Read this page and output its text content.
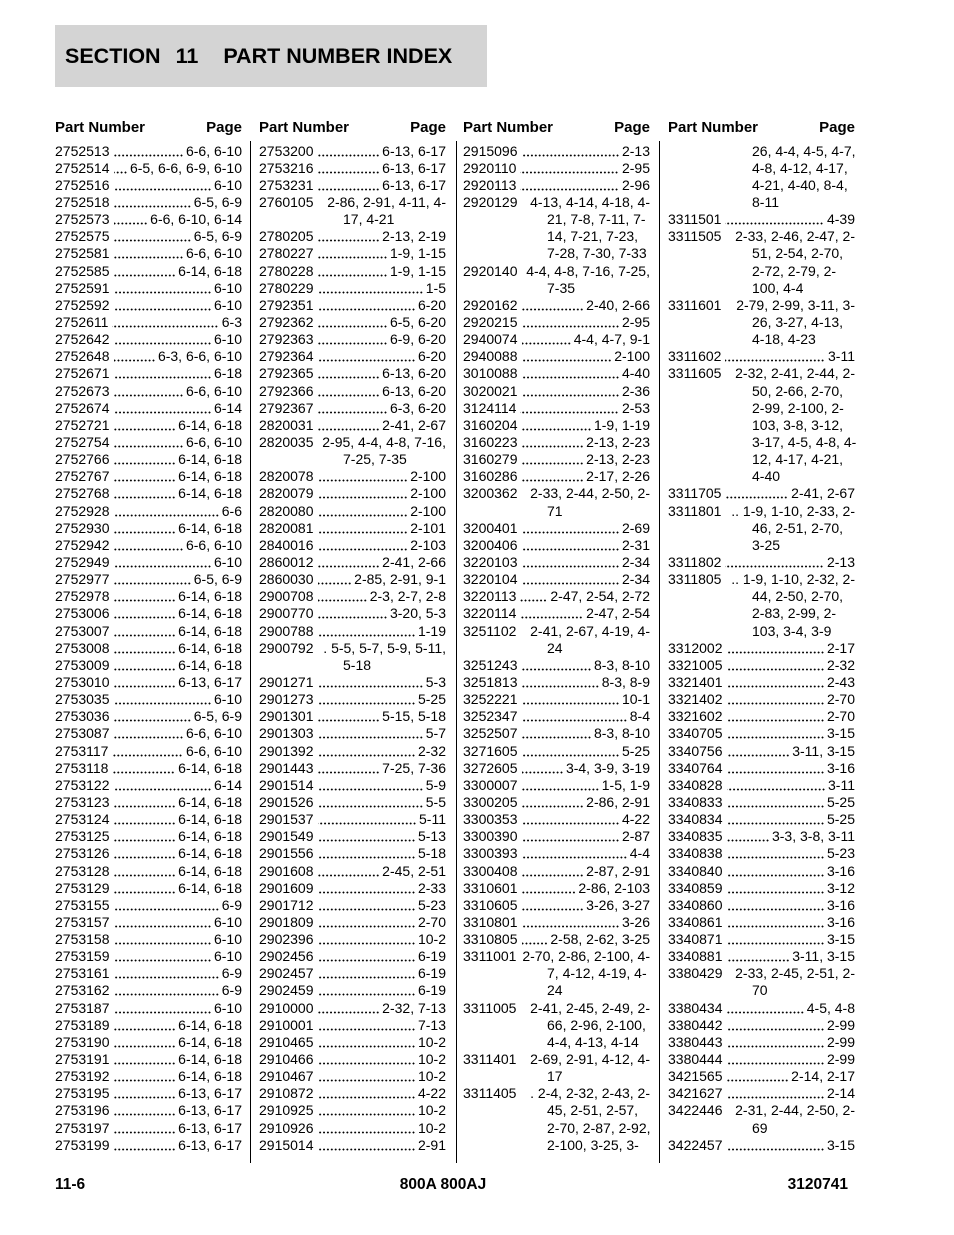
SECTION 11 PART NUMBER INDEX
Part Number	Page
2752513	6-6, 6-10
2752514 6-5, 6-6, 6-9, 6-10
2752516	6-10
2752518	6-5, 6-9
2752573	6-6, 6-10, 6-14
2752575	6-5, 6-9
2752581	6-6, 6-10
2752585	6-14, 6-18
2752591	6-10
2752592	6-10
2752611	6-3
2752642	6-10
2752648	6-3, 6-6, 6-10
2752671	6-18
2752673	6-6, 6-10
2752674	6-14
2752721	6-14, 6-18
2752754	6-6, 6-10
2752766	6-14, 6-18
2752767	6-14, 6-18
2752768	6-14, 6-18
2752928	6-6
2752930	6-14, 6-18
2752942	6-6, 6-10
2752949	6-10
2752977	6-5, 6-9
2752978	6-14, 6-18
2753006	6-14, 6-18
2753007	6-14, 6-18
2753008	6-14, 6-18
2753009	6-14, 6-18
2753010	6-13, 6-17
2753035	6-10
2753036	6-5, 6-9
2753087	6-6, 6-10
2753117	6-6, 6-10
2753118	6-14, 6-18
2753122	6-14
2753123	6-14, 6-18
2753124	6-14, 6-18
2753125	6-14, 6-18
2753126	6-14, 6-18
2753128	6-14, 6-18
2753129	6-14, 6-18
2753155	6-9
2753157	6-10
2753158	6-10
2753159	6-10
2753161	6-9
2753162	6-9
2753187	6-10
2753189	6-14, 6-18
2753190	6-14, 6-18
2753191	6-14, 6-18
2753192	6-14, 6-18
2753195	6-13, 6-17
2753196	6-13, 6-17
2753197	6-13, 6-17
2753199	6-13, 6-17
Part Number	Page
2753200	6-13, 6-17
2753216	6-13, 6-17
2753231	6-13, 6-17
2760105 2-86, 2-91, 4-11, 4-
17, 4-21
2780205	2-13, 2-19
2780227	1-9, 1-15
2780228	1-9, 1-15
2780229	1-5
2792351	6-20
2792362	6-5, 6-20
2792363	6-9, 6-20
2792364	6-20
2792365	6-13, 6-20
2792366	6-13, 6-20
2792367	6-3, 6-20
2820031	2-41, 2-67
2820035 2-95, 4-4, 4-8, 7-16,
7-25, 7-35
2820078	2-100
2820079	2-100
2820080	2-100
2820081	2-101
2840016	2-103
2860012	2-41, 2-66
2860030	2-85, 2-91, 9-1
2900708	2-3, 2-7, 2-8
2900770	3-20, 5-3
2900788	1-19
2900792 . 5-5, 5-7, 5-9, 5-11,
5-18
2901271	5-3
2901273	5-25
2901301	5-15, 5-18
2901303	5-7
2901392	2-32
2901443	7-25, 7-36
2901514	5-9
2901526	5-5
2901537	5-11
2901549	5-13
2901556	5-18
2901608	2-45, 2-51
2901609	2-33
2901712	5-23
2901809	2-70
2902396	10-2
2902456	6-19
2902457	6-19
2902459	6-19
2910000	2-32, 7-13
2910001	7-13
2910465	10-2
2910466	10-2
2910467	10-2
2910872	4-22
2910925	10-2
2910926	10-2
2915014	2-91
Part Number	Page
2915096	2-13
2920110	2-95
2920113	2-96
2920129 4-13, 4-14, 4-18, 4-
21, 7-8, 7-11, 7-
14, 7-21, 7-23,
7-28, 7-30, 7-33
2920140 4-4, 4-8, 7-16, 7-25,
7-35
2920162	2-40, 2-66
2920215	2-95
2940074	4-4, 4-7, 9-1
2940088	2-100
3010088	4-40
3020021	2-36
3124114	2-53
3160204	1-9, 1-19
3160223	2-13, 2-23
3160279	2-13, 2-23
3160286	2-17, 2-26
3200362 2-33, 2-44, 2-50, 2-
71
3200401	2-69
3200406	2-31
3220103	2-34
3220104	2-34
3220113 2-47, 2-54, 2-72
3220114	2-47, 2-54
3251102 2-41, 2-67, 4-19, 4-
24
3251243	8-3, 8-10
3251813	8-3, 8-9
3252221	10-1
3252347	8-4
3252507	8-3, 8-10
3271605	5-25
3272605	3-4, 3-9, 3-19
3300007	1-5, 1-9
3300205	2-86, 2-91
3300353	4-22
3300390	2-87
3300393	4-4
3300408	2-87, 2-91
3310601	2-86, 2-103
3310605	3-26, 3-27
3310801	3-26
3310805 2-58, 2-62, 3-25
3311001 2-70, 2-86, 2-100, 4-
7, 4-12, 4-19, 4-
24
3311005 2-41, 2-45, 2-49, 2-
66, 2-96, 2-100,
4-4, 4-13, 4-14
3311401 2-69, 2-91, 4-12, 4-
17
3311405 . 2-4, 2-32, 2-43, 2-
45, 2-51, 2-57,
2-70, 2-87, 2-92,
2-100, 3-25, 3-
Part Number	Page
26, 4-4, 4-5, 4-7,
4-8, 4-12, 4-17,
4-21, 4-40, 8-4,
8-11
3311501	4-39
3311505 2-33, 2-46, 2-47, 2-
51, 2-54, 2-70,
2-72, 2-79, 2-
100, 4-4
3311601 2-79, 2-99, 3-11, 3-
26, 3-27, 4-13,
4-18, 4-23
3311602	3-11
3311605 2-32, 2-41, 2-44, 2-
50, 2-66, 2-70,
2-99, 2-100, 2-
103, 3-8, 3-12,
3-17, 4-5, 4-8, 4-
12, 4-17, 4-21,
4-40
3311705	2-41, 2-67
3311801 .. 1-9, 1-10, 2-33, 2-
46, 2-51, 2-70,
3-25
3311802	2-13
3311805 .. 1-9, 1-10, 2-32, 2-
44, 2-50, 2-70,
2-83, 2-99, 2-
103, 3-4, 3-9
3312002	2-17
3321005	2-32
3321401	2-43
3321402	2-70
3321602	2-70
3340705	3-15
3340756	3-11, 3-15
3340764	3-16
3340828	3-11
3340833	5-25
3340834	5-25
3340835	3-3, 3-8, 3-11
3340838	5-23
3340840	3-16
3340859	3-12
3340860	3-16
3340861	3-16
3340871	3-15
3340881	3-11, 3-15
3380429 2-33, 2-45, 2-51, 2-
70
3380434	4-5, 4-8
3380442	2-99
3380443	2-99
3380444	2-99
3421565	2-14, 2-17
3421627	2-14
3422446 2-31, 2-44, 2-50, 2-
69
3422457	3-15
11-6	800A 800AJ	3120741
